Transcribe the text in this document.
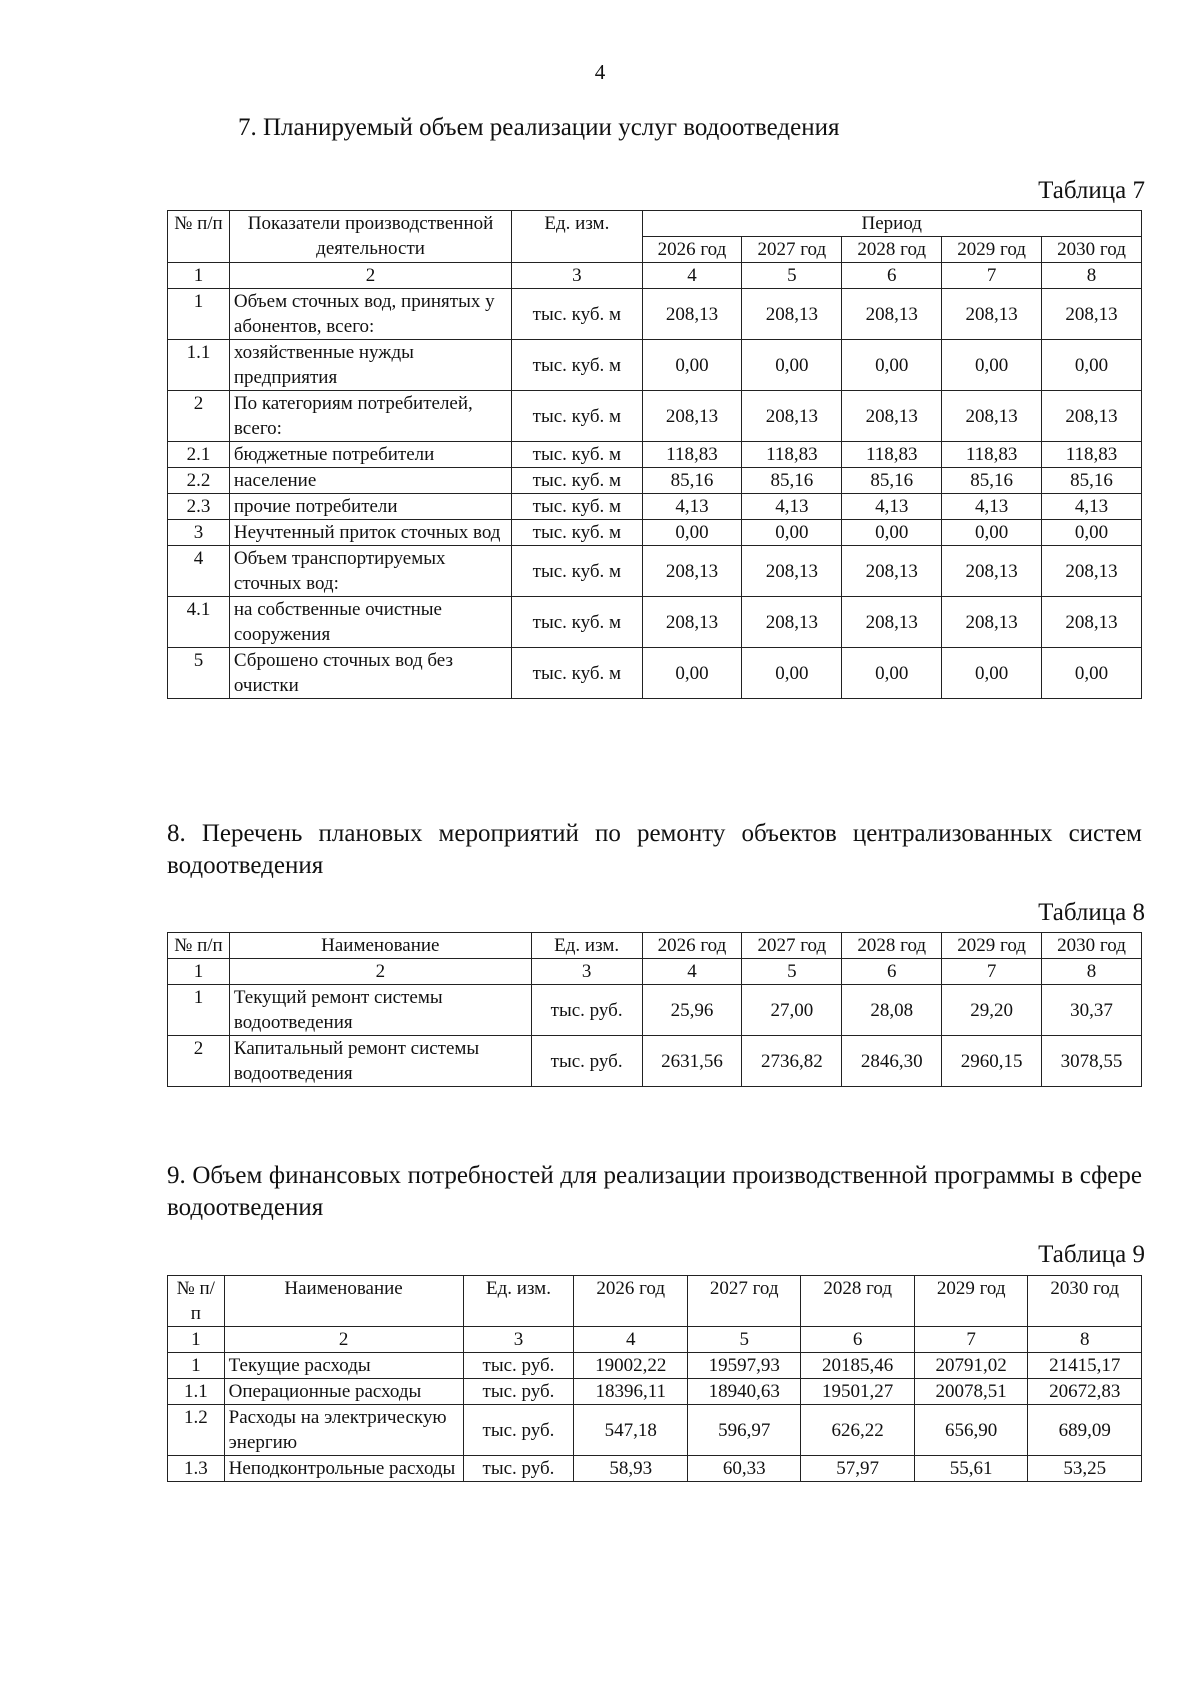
4
7. Планируемый объем реализации услуг водоотведения
Таблица 7
№ п/п	Показатели производственной деятельности	Ед. изм.	Период				
			2026 год	2027 год	2028 год	2029 год	2030 год
1	2	3	4	5	6	7	8
1	Объем сточных вод, принятых у абонентов, всего:	тыс. куб. м	208,13	208,13	208,13	208,13	208,13
1.1	хозяйственные нужды предприятия	тыс. куб. м	0,00	0,00	0,00	0,00	0,00
2	По категориям потребителей, всего:	тыс. куб. м	208,13	208,13	208,13	208,13	208,13
2.1	бюджетные потребители	тыс. куб. м	118,83	118,83	118,83	118,83	118,83
2.2	население	тыс. куб. м	85,16	85,16	85,16	85,16	85,16
2.3	прочие потребители	тыс. куб. м	4,13	4,13	4,13	4,13	4,13
3	Неучтенный приток сточных вод	тыс. куб. м	0,00	0,00	0,00	0,00	0,00
4	Объем транспортируемых сточных вод:	тыс. куб. м	208,13	208,13	208,13	208,13	208,13
4.1	на собственные очистные сооружения	тыс. куб. м	208,13	208,13	208,13	208,13	208,13
5	Сброшено сточных вод без очистки	тыс. куб. м	0,00	0,00	0,00	0,00	0,00
8. Перечень плановых мероприятий по ремонту объектов централизованных систем водоотведения
Таблица 8
№ п/п	Наименование	Ед. изм.	2026 год	2027 год	2028 год	2029 год	2030 год
1	2	3	4	5	6	7	8
1	Текущий ремонт системы водоотведения	тыс. руб.	25,96	27,00	28,08	29,20	30,37
2	Капитальный ремонт системы водоотведения	тыс. руб.	2631,56	2736,82	2846,30	2960,15	3078,55
9. Объем финансовых потребностей для реализации производственной программы в сфере водоотведения
Таблица 9
№ п/п	Наименование	Ед. изм.	2026 год	2027 год	2028 год	2029 год	2030 год
1	2	3	4	5	6	7	8
1	Текущие расходы	тыс. руб.	19002,22	19597,93	20185,46	20791,02	21415,17
1.1	Операционные расходы	тыс. руб.	18396,11	18940,63	19501,27	20078,51	20672,83
1.2	Расходы на электрическую энергию	тыс. руб.	547,18	596,97	626,22	656,90	689,09
1.3	Неподконтрольные расходы	тыс. руб.	58,93	60,33	57,97	55,61	53,25
